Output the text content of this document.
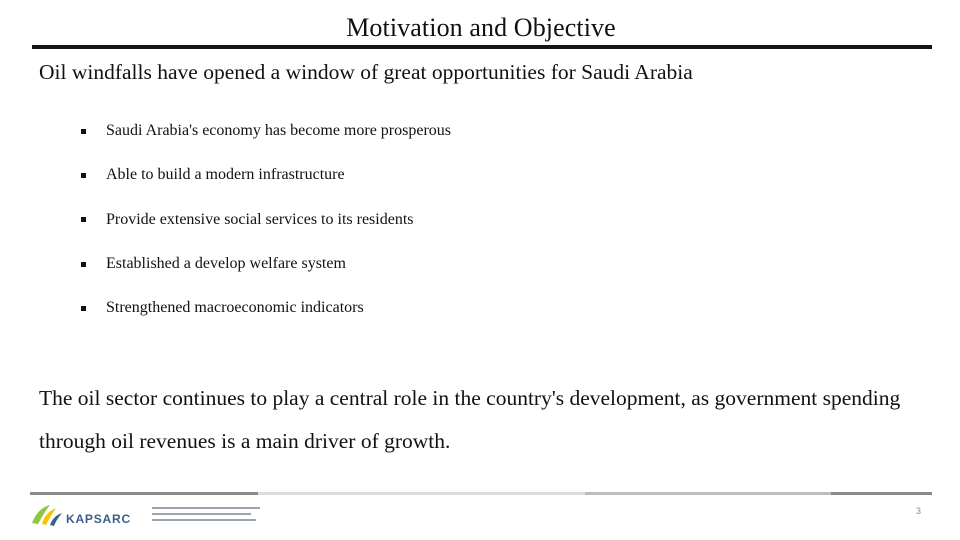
Motivation and Objective
Oil windfalls have opened a window of great opportunities for Saudi Arabia
Saudi Arabia's economy has become more prosperous
Able to build a modern infrastructure
Provide extensive social services to its residents
Established a develop welfare system
Strengthened macroeconomic indicators
The oil sector continues to play a central role in the country's development, as government spending through oil revenues is a main driver of growth.
KAPSARC
3
